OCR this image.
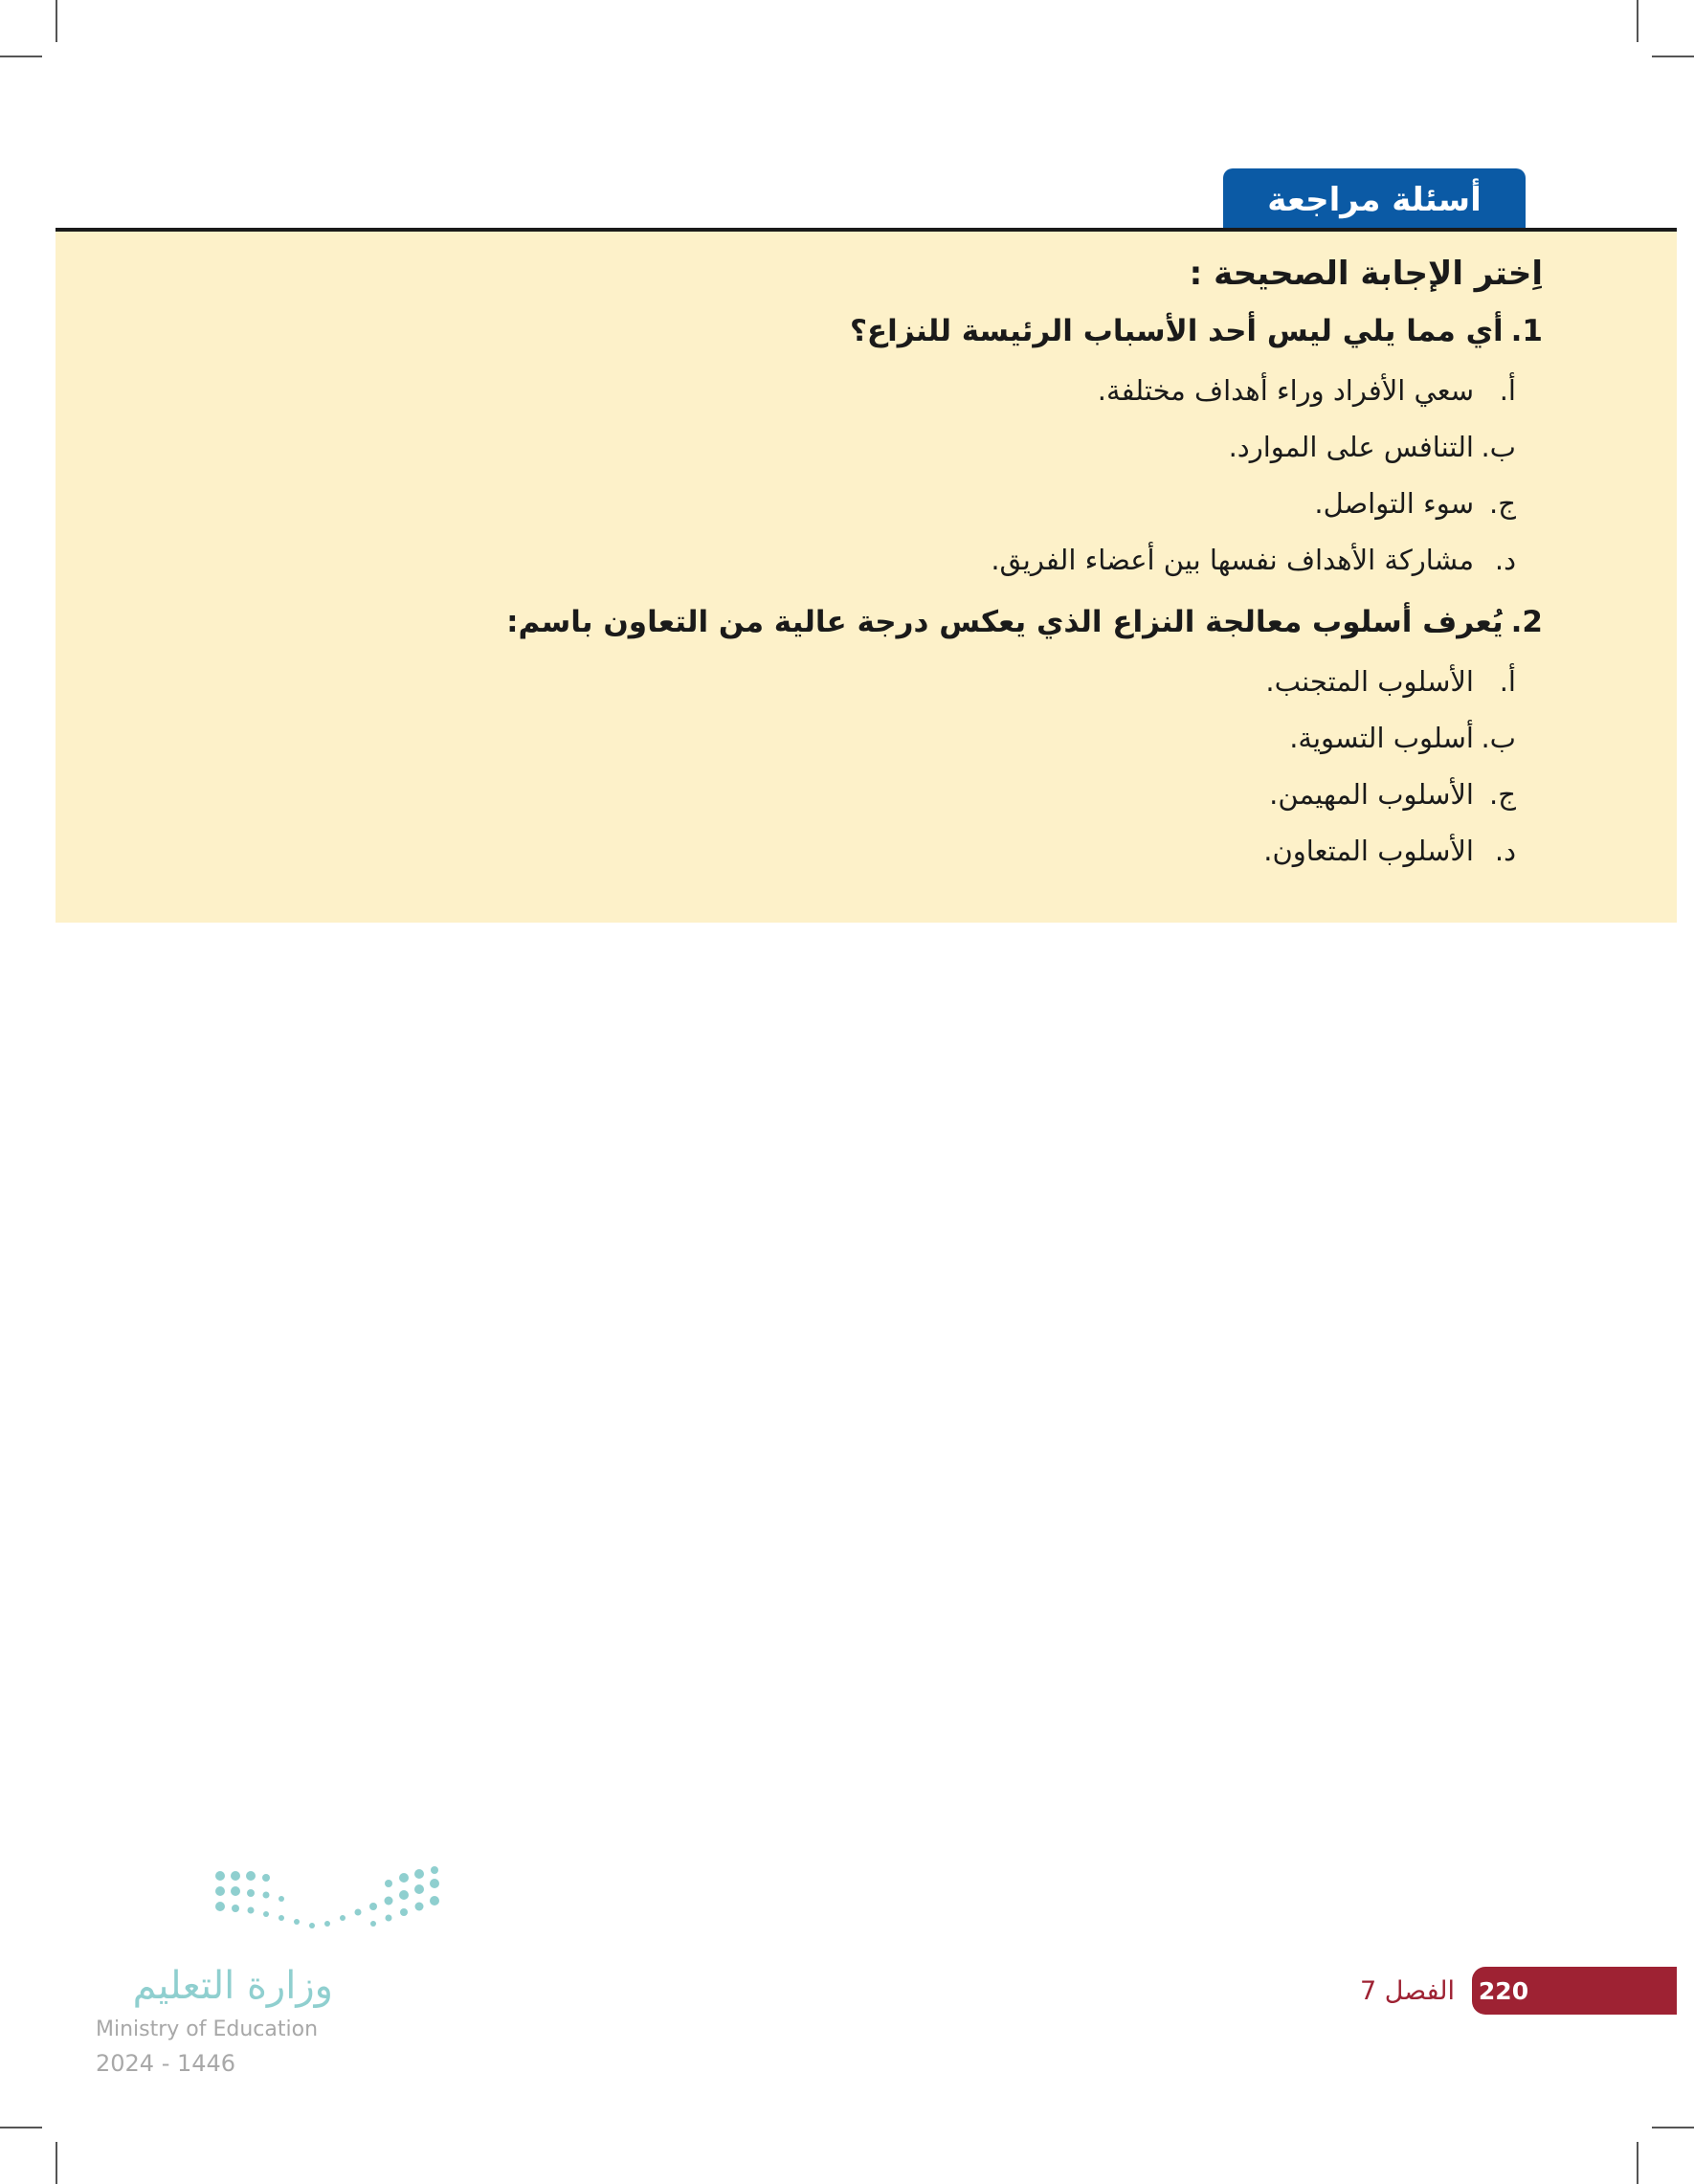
أسئلة مراجعة
اِختر الإجابة الصحيحة :
1.أي مما يلي ليس أحد الأسباب الرئيسة للنزاع؟
أ.
سعي الأفراد وراء أهداف مختلفة.
ب.
التنافس على الموارد.
ج.
سوء التواصل.
د.
مشاركة الأهداف نفسها بين أعضاء الفريق.
2.يُعرف أسلوب معالجة النزاع الذي يعكس درجة عالية من التعاون باسم:
أ.
الأسلوب المتجنب.
ب.
أسلوب التسوية.
ج.
الأسلوب المهيمن.
د.
الأسلوب المتعاون.
220
الفصل 7
وزارة التعليم
Ministry of Education
2024 - 1446
